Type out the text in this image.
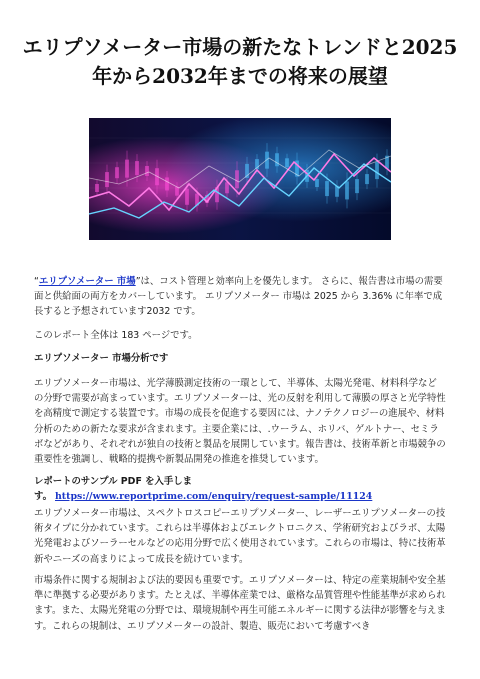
エリプソメーター市場の新たなトレンドと2025年から2032年までの将来の展望

“エリプソメーター 市場”は、コスト管理と効率向上を優先します。 さらに、報告書は市場の需要面と供給面の両方をカバーしています。 エリプソメーター 市場は 2025 から 3.36% に年率で成長すると予想されています2032 です。

このレポート全体は 183 ページです。

エリプソメーター 市場分析です

エリプソメーター市場は、光学薄膜測定技術の一環として、半導体、太陽光発電、材料科学などの分野で需要が高まっています。エリプソメーターは、光の反射を利用して薄膜の厚さと光学特性を高精度で測定する装置です。市場の成長を促進する要因には、ナノテクノロジーの進展や、材料分析のための新たな要求が含まれます。主要企業には、.ウーラム、ホリバ、ゲルトナー、セミラボなどがあり、それぞれが独自の技術と製品を展開しています。報告書は、技術革新と市場競争の重要性を強調し、戦略的提携や新製品開発の推進を推奨しています。

レポートのサンプル PDF を入手します。 https://www.reportprime.com/enquiry/request-sample/11124

エリプソメーター市場は、スペクトロスコピーエリプソメーター、レーザーエリプソメーターの技術タイプに分かれています。これらは半導体およびエレクトロニクス、学術研究およびラボ、太陽光発電およびソーラーセルなどの応用分野で広く使用されています。これらの市場は、特に技術革新やニーズの高まりによって成長を続けています。

市場条件に関する規制および法的要因も重要です。エリプソメーターは、特定の産業規制や安全基準に準拠する必要があります。たとえば、半導体産業では、厳格な品質管理や性能基準が求められます。また、太陽光発電の分野では、環境規制や再生可能エネルギーに関する法律が影響を与えます。これらの規制は、エリプソメーターの設計、製造、販売において考慮すべき
